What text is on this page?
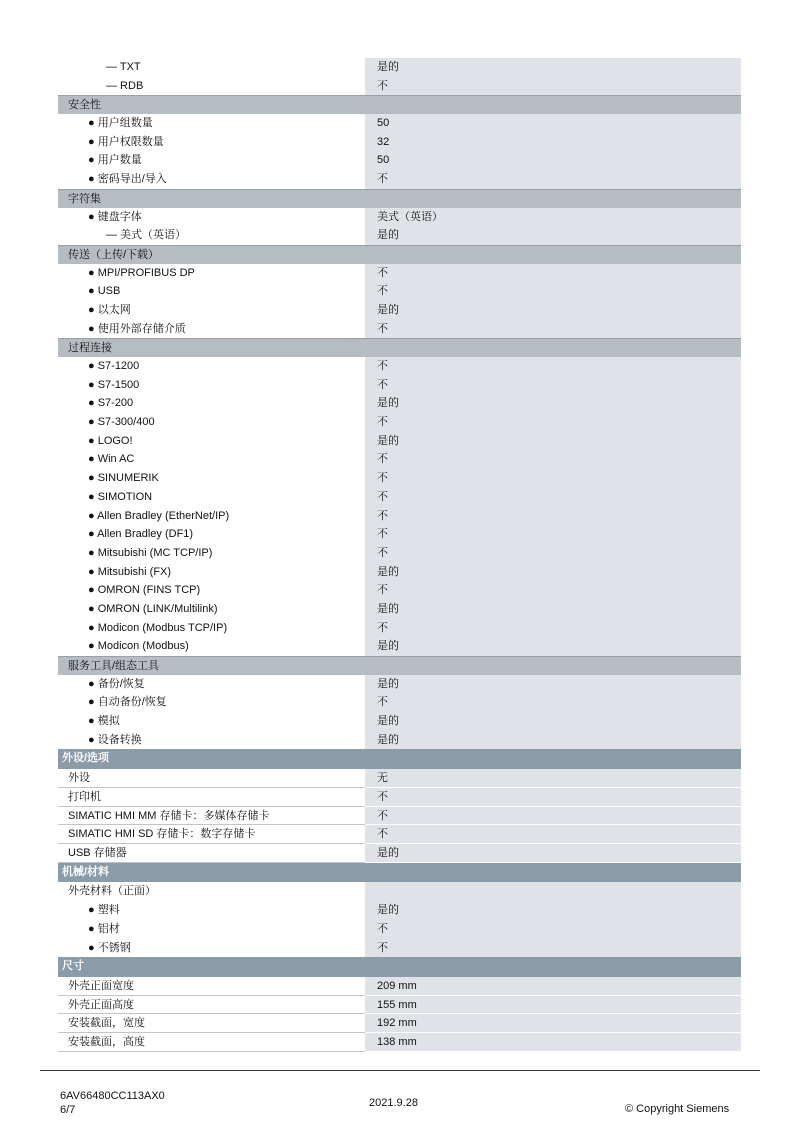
— TXT	是的
— RDB	不
安全性
● 用户组数量	50
● 用户权限数量	32
● 用户数量	50
● 密码导出/导入	不
字符集
● 键盘字体	美式（英语）
— 美式（英语）	是的
传送（上传/下载）
● MPI/PROFIBUS DP	不
● USB	不
● 以太网	是的
● 使用外部存储介质	不
过程连接
● S7-1200	不
● S7-1500	不
● S7-200	是的
● S7-300/400	不
● LOGO!	是的
● Win AC	不
● SINUMERIK	不
● SIMOTION	不
● Allen Bradley (EtherNet/IP)	不
● Allen Bradley (DF1)	不
● Mitsubishi (MC TCP/IP)	不
● Mitsubishi (FX)	是的
● OMRON (FINS TCP)	不
● OMRON (LINK/Multilink)	是的
● Modicon (Modbus TCP/IP)	不
● Modicon (Modbus)	是的
服务工具/组态工具
● 备份/恢复	是的
● 自动备份/恢复	不
● 模拟	是的
● 设备转换	是的
外设/选项
外设	无
打印机	不
SIMATIC HMI MM 存储卡：多媒体存储卡	不
SIMATIC HMI SD 存储卡：数字存储卡	不
USB 存储器	是的
机械/材料
外壳材料（正面）
● 塑料	是的
● 铝材	不
● 不锈钢	不
尺寸
外壳正面宽度	209 mm
外壳正面高度	155 mm
安装截面，宽度	192 mm
安装截面，高度	138 mm
6AV66480CC113AX0
6/7
2021.9.28	© Copyright Siemens
